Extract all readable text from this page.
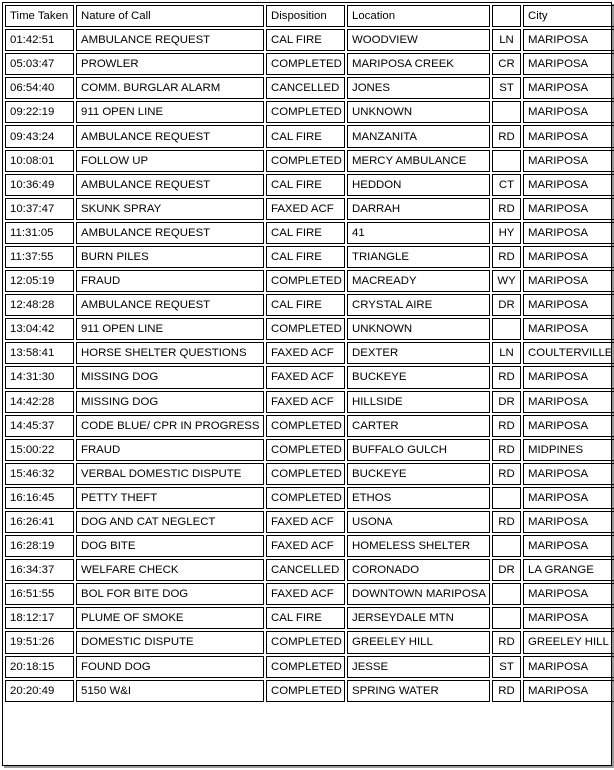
Time Taken	Nature of Call	Disposition	Location		City
01:42:51	AMBULANCE REQUEST	CAL FIRE	WOODVIEW	LN	MARIPOSA
05:03:47	PROWLER	COMPLETED	MARIPOSA CREEK	CR	MARIPOSA
06:54:40	COMM. BURGLAR ALARM	CANCELLED	JONES	ST	MARIPOSA
09:22:19	911 OPEN LINE	COMPLETED	UNKNOWN		MARIPOSA
09:43:24	AMBULANCE REQUEST	CAL FIRE	MANZANITA	RD	MARIPOSA
10:08:01	FOLLOW UP	COMPLETED	MERCY AMBULANCE		MARIPOSA
10:36:49	AMBULANCE REQUEST	CAL FIRE	HEDDON	CT	MARIPOSA
10:37:47	SKUNK SPRAY	FAXED ACF	DARRAH	RD	MARIPOSA
11:31:05	AMBULANCE REQUEST	CAL FIRE	41	HY	MARIPOSA
11:37:55	BURN PILES	CAL FIRE	TRIANGLE	RD	MARIPOSA
12:05:19	FRAUD	COMPLETED	MACREADY	WY	MARIPOSA
12:48:28	AMBULANCE REQUEST	CAL FIRE	CRYSTAL AIRE	DR	MARIPOSA
13:04:42	911 OPEN LINE	COMPLETED	UNKNOWN		MARIPOSA
13:58:41	HORSE SHELTER QUESTIONS	FAXED ACF	DEXTER	LN	COULTERVILLE
14:31:30	MISSING DOG	FAXED ACF	BUCKEYE	RD	MARIPOSA
14:42:28	MISSING DOG	FAXED ACF	HILLSIDE	DR	MARIPOSA
14:45:37	CODE BLUE/ CPR IN PROGRESS	COMPLETED	CARTER	RD	MARIPOSA
15:00:22	FRAUD	COMPLETED	BUFFALO GULCH	RD	MIDPINES
15:46:32	VERBAL DOMESTIC DISPUTE	COMPLETED	BUCKEYE	RD	MARIPOSA
16:16:45	PETTY THEFT	COMPLETED	ETHOS		MARIPOSA
16:26:41	DOG AND CAT NEGLECT	FAXED ACF	USONA	RD	MARIPOSA
16:28:19	DOG BITE	FAXED ACF	HOMELESS SHELTER		MARIPOSA
16:34:37	WELFARE CHECK	CANCELLED	CORONADO	DR	LA GRANGE
16:51:55	BOL FOR BITE DOG	FAXED ACF	DOWNTOWN MARIPOSA		MARIPOSA
18:12:17	PLUME OF SMOKE	CAL FIRE	JERSEYDALE MTN		MARIPOSA
19:51:26	DOMESTIC DISPUTE	COMPLETED	GREELEY HILL	RD	GREELEY HILL
20:18:15	FOUND DOG	COMPLETED	JESSE	ST	MARIPOSA
20:20:49	5150 W&I	COMPLETED	SPRING WATER	RD	MARIPOSA
